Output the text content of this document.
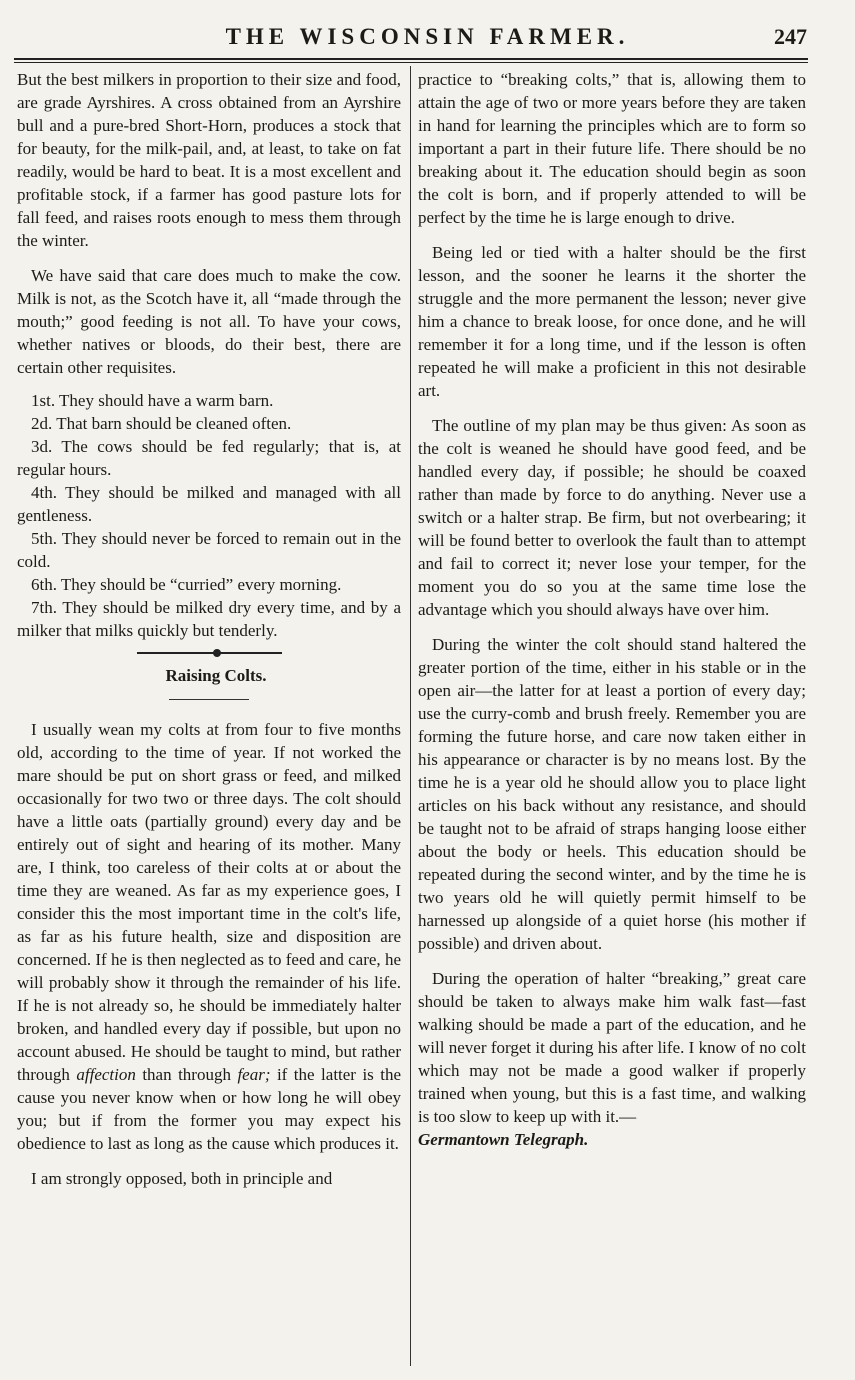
THE WISCONSIN FARMER.	247

But the best milkers in proportion to their size and food, are grade Ayrshires. A cross obtained from an Ayrshire bull and a pure-bred Short-Horn, produces a stock that for beauty, for the milk-pail, and, at least, to take on fat readily, would be hard to beat. It is a most excellent and profitable stock, if a farmer has good pasture lots for fall feed, and raises roots enough to mess them through the winter.

We have said that care does much to make the cow. Milk is not, as the Scotch have it, all “made through the mouth;” good feeding is not all. To have your cows, whether natives or bloods, do their best, there are certain other requisites.

1st. They should have a warm barn.

2d. That barn should be cleaned often.

3d. The cows should be fed regularly; that is, at regular hours.

4th. They should be milked and managed with all gentleness.

5th. They should never be forced to remain out in the cold.

6th. They should be “curried” every morning.

7th. They should be milked dry every time, and by a milker that milks quickly but tenderly.

Raising Colts.

I usually wean my colts at from four to five months old, according to the time of year. If not worked the mare should be put on short grass or feed, and milked occasionally for two two or three days. The colt should have a little oats (partially ground) every day and be entirely out of sight and hearing of its mother. Many are, I think, too careless of their colts at or about the time they are weaned. As far as my experience goes, I consider this the most important time in the colt's life, as far as his future health, size and disposition are concerned. If he is then neglected as to feed and care, he will probably show it through the remainder of his life. If he is not already so, he should be immediately halter broken, and handled every day if possible, but upon no account abused. He should be taught to mind, but rather through affection than through fear; if the latter is the cause you never know when or how long he will obey you; but if from the former you may expect his obedience to last as long as the cause which produces it.

I am strongly opposed, both in principle and

practice to “breaking colts,” that is, allowing them to attain the age of two or more years before they are taken in hand for learning the principles which are to form so important a part in their future life. There should be no breaking about it. The education should begin as soon the colt is born, and if properly attended to will be perfect by the time he is large enough to drive.

Being led or tied with a halter should be the first lesson, and the sooner he learns it the shorter the struggle and the more permanent the lesson; never give him a chance to break loose, for once done, and he will remember it for a long time, und if the lesson is often repeated he will make a proficient in this not desirable art.

The outline of my plan may be thus given: As soon as the colt is weaned he should have good feed, and be handled every day, if possible; he should be coaxed rather than made by force to do anything. Never use a switch or a halter strap. Be firm, but not overbearing; it will be found better to overlook the fault than to attempt and fail to correct it; never lose your temper, for the moment you do so you at the same time lose the advantage which you should always have over him.

During the winter the colt should stand haltered the greater portion of the time, either in his stable or in the open air—the latter for at least a portion of every day; use the curry-comb and brush freely. Remember you are forming the future horse, and care now taken either in his appearance or character is by no means lost. By the time he is a year old he should allow you to place light articles on his back without any resistance, and should be taught not to be afraid of straps hanging loose either about the body or heels. This education should be repeated during the second winter, and by the time he is two years old he will quietly permit himself to be harnessed up alongside of a quiet horse (his mother if possible) and driven about.

During the operation of halter “breaking,” great care should be taken to always make him walk fast—fast walking should be made a part of the education, and he will never forget it during his after life. I know of no colt which may not be made a good walker if properly trained when young, but this is a fast time, and walking is too slow to keep up with it.—
Germantown Telegraph.
